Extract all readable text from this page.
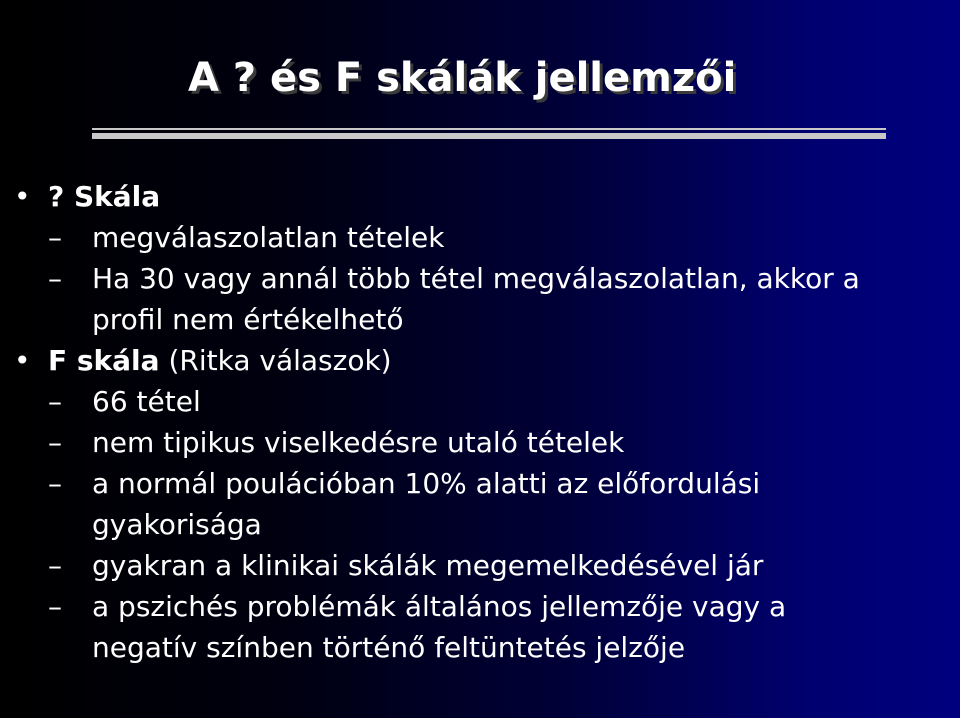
A ? és F skálák jellemzői
• ? Skála
– megválaszolatlan tételek
– Ha 30 vagy annál több tétel megválaszolatlan, akkor a
profil nem értékelhető
• F skála (Ritka válaszok)
– 66 tétel
– nem tipikus viselkedésre utaló tételek
– a normál poulációban 10% alatti az előfordulási
gyakorisága
– gyakran a klinikai skálák megemelkedésével jár
– a pszichés problémák általános jellemzője vagy a
negatív színben történő feltüntetés jelzője
